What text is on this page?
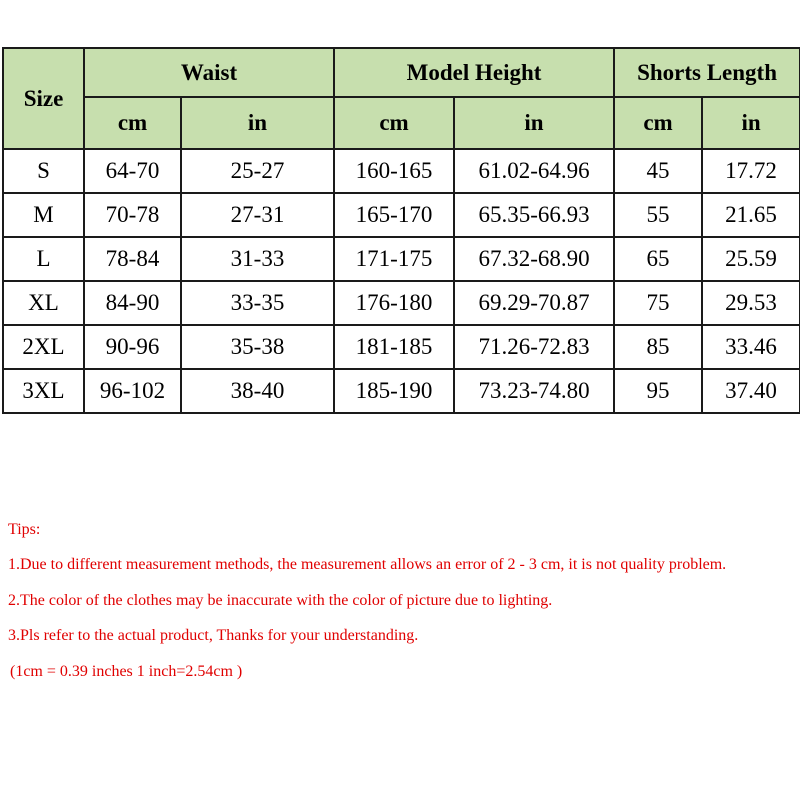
Size	Waist		Model Height		Shorts Length	
	cm	in	cm	in	cm	in
S	64-70	25-27	160-165	61.02-64.96	45	17.72
M	70-78	27-31	165-170	65.35-66.93	55	21.65
L	78-84	31-33	171-175	67.32-68.90	65	25.59
XL	84-90	33-35	176-180	69.29-70.87	75	29.53
2XL	90-96	35-38	181-185	71.26-72.83	85	33.46
3XL	96-102	38-40	185-190	73.23-74.80	95	37.40
Tips:
1.Due to different measurement methods, the measurement allows an error of 2 - 3 cm, it is not quality problem.
2.The color of the clothes may be inaccurate with the color of picture due to lighting.
3.Pls refer to the actual product, Thanks for your understanding.
(1cm = 0.39 inches 1 inch=2.54cm )
